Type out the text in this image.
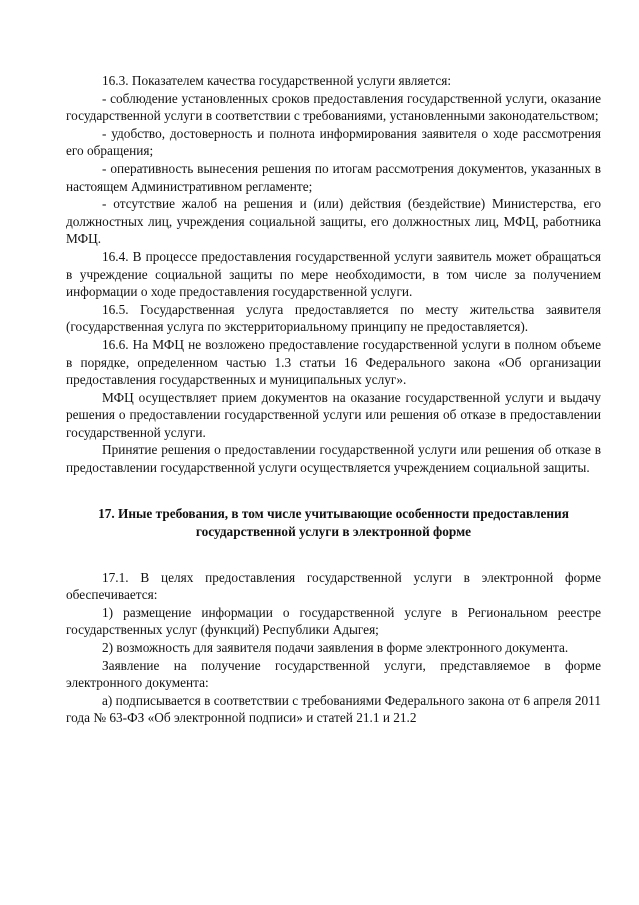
16.3. Показателем качества государственной услуги является:

- соблюдение установленных сроков предоставления государственной услуги, оказание государственной услуги в соответствии с требованиями, установленными законодательством;

- удобство, достоверность и полнота информирования заявителя о ходе рассмотрения его обращения;

- оперативность вынесения решения по итогам рассмотрения документов, указанных в настоящем Административном регламенте;

- отсутствие жалоб на решения и (или) действия (бездействие) Министерства, его должностных лиц, учреждения социальной защиты, его должностных лиц, МФЦ, работника МФЦ.

16.4. В процессе предоставления государственной услуги заявитель может обращаться в учреждение социальной защиты по мере необходимости, в том числе за получением информации о ходе предоставления государственной услуги.

16.5. Государственная услуга предоставляется по месту жительства заявителя (государственная услуга по экстерриториальному принципу не предоставляется).

16.6. На МФЦ не возложено предоставление государственной услуги в полном объеме в порядке, определенном частью 1.3 статьи 16 Федерального закона «Об организации предоставления государственных и муниципальных услуг».

МФЦ осуществляет прием документов на оказание государственной услуги и выдачу решения о предоставлении государственной услуги или решения об отказе в предоставлении государственной услуги.

Принятие решения о предоставлении государственной услуги или решения об отказе в предоставлении государственной услуги осуществляется учреждением социальной защиты.

17. Иные требования, в том числе учитывающие особенности предоставления
государственной услуги в электронной форме

17.1. В целях предоставления государственной услуги в электронной форме обеспечивается:

1) размещение информации о государственной услуге в Региональном реестре государственных услуг (функций) Республики Адыгея;

2) возможность для заявителя подачи заявления в форме электронного документа.

Заявление на получение государственной услуги, представляемое в форме электронного документа:

а) подписывается в соответствии с требованиями Федерального закона от 6 апреля 2011 года № 63-ФЗ «Об электронной подписи» и статей 21.1 и 21.2
